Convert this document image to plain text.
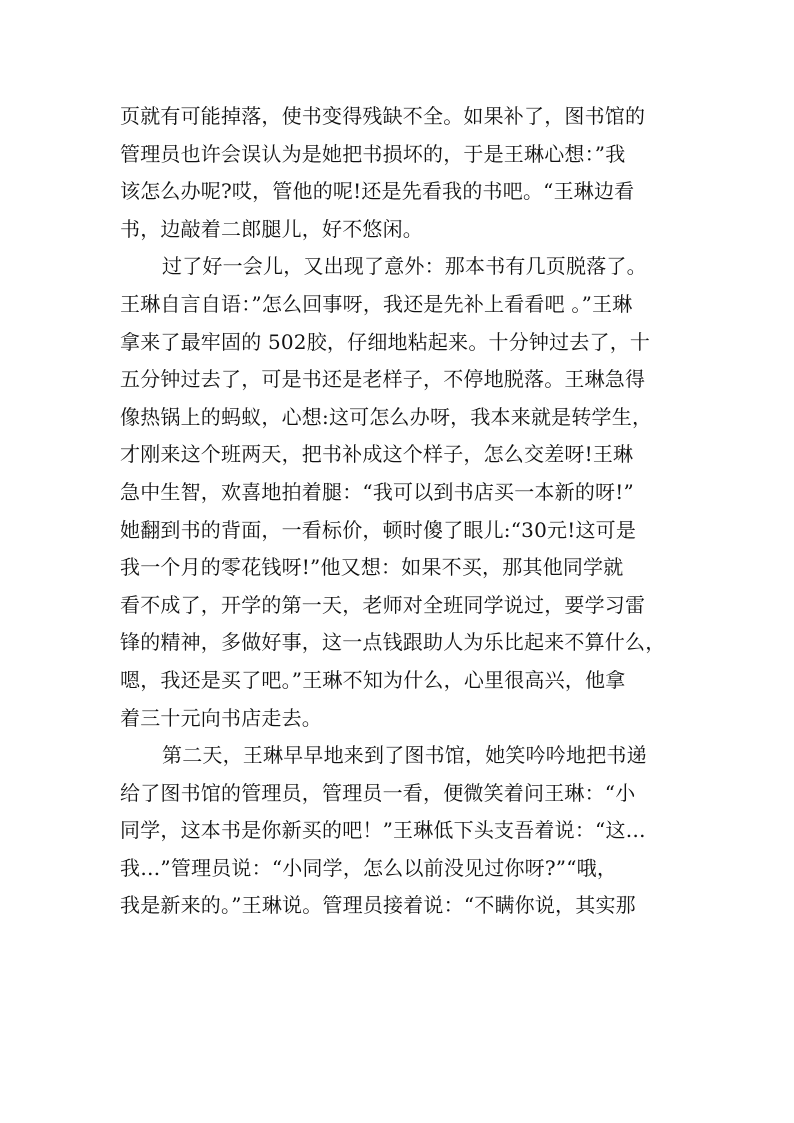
页就有可能掉落，使书变得残缺不全。如果补了，图书馆的
管理员也许会误认为是她把书损坏的，于是王琳心想：”我
该怎么办呢?哎，管他的呢!还是先看我的书吧。“王琳边看
书，边敲着二郎腿儿，好不悠闲。
过了好一会儿，又出现了意外：那本书有几页脱落了。
王琳自言自语：”怎么回事呀，我还是先补上看看吧 。”王琳
拿来了最牢固的 502胶，仔细地粘起来。十分钟过去了，十
五分钟过去了，可是书还是老样子，不停地脱落。王琳急得
像热锅上的蚂蚁，心想:这可怎么办呀，我本来就是转学生，
才刚来这个班两天，把书补成这个样子，怎么交差呀!王琳
急中生智，欢喜地拍着腿：“我可以到书店买一本新的呀!”
她翻到书的背面，一看标价，顿时傻了眼儿:“30元!这可是
我一个月的零花钱呀!”他又想：如果不买，那其他同学就
看不成了，开学的第一天，老师对全班同学说过，要学习雷
锋的精神，多做好事，这一点钱跟助人为乐比起来不算什么，
嗯，我还是买了吧。”王琳不知为什么，心里很高兴，他拿
着三十元向书店走去。
第二天，王琳早早地来到了图书馆，她笑吟吟地把书递
给了图书馆的管理员，管理员一看，便微笑着问王琳：“小
同学，这本书是你新买的吧！”王琳低下头支吾着说：“这…
我…”管理员说：“小同学，怎么以前没见过你呀?”“哦，
我是新来的。”王琳说。管理员接着说：“不瞒你说，其实那
